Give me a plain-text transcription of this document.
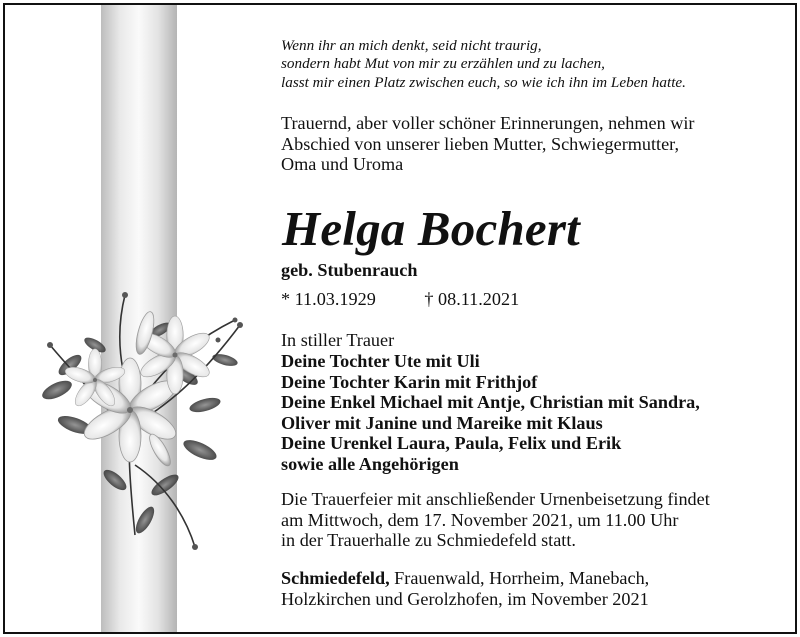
Wenn ihr an mich denkt, seid nicht traurig,
sondern habt Mut von mir zu erzählen und zu lachen,
lasst mir einen Platz zwischen euch, so wie ich ihn im Leben hatte.
Trauernd, aber voller schöner Erinnerungen, nehmen wir
Abschied von unserer lieben Mutter, Schwiegermutter,
Oma und Uroma
Helga Bochert
geb. Stubenrauch
* 11.03.1929	† 08.11.2021
In stiller Trauer
Deine Tochter Ute mit Uli
Deine Tochter Karin mit Frithjof
Deine Enkel Michael mit Antje, Christian mit Sandra,
Oliver mit Janine und Mareike mit Klaus
Deine Urenkel Laura, Paula, Felix und Erik
sowie alle Angehörigen
Die Trauerfeier mit anschließender Urnenbeisetzung findet
am Mittwoch, dem 17. November 2021, um 11.00 Uhr
in der Trauerhalle zu Schmiedefeld statt.
Schmiedefeld, Frauenwald, Horrheim, Manebach,
Holzkirchen und Gerolzhofen, im November 2021
